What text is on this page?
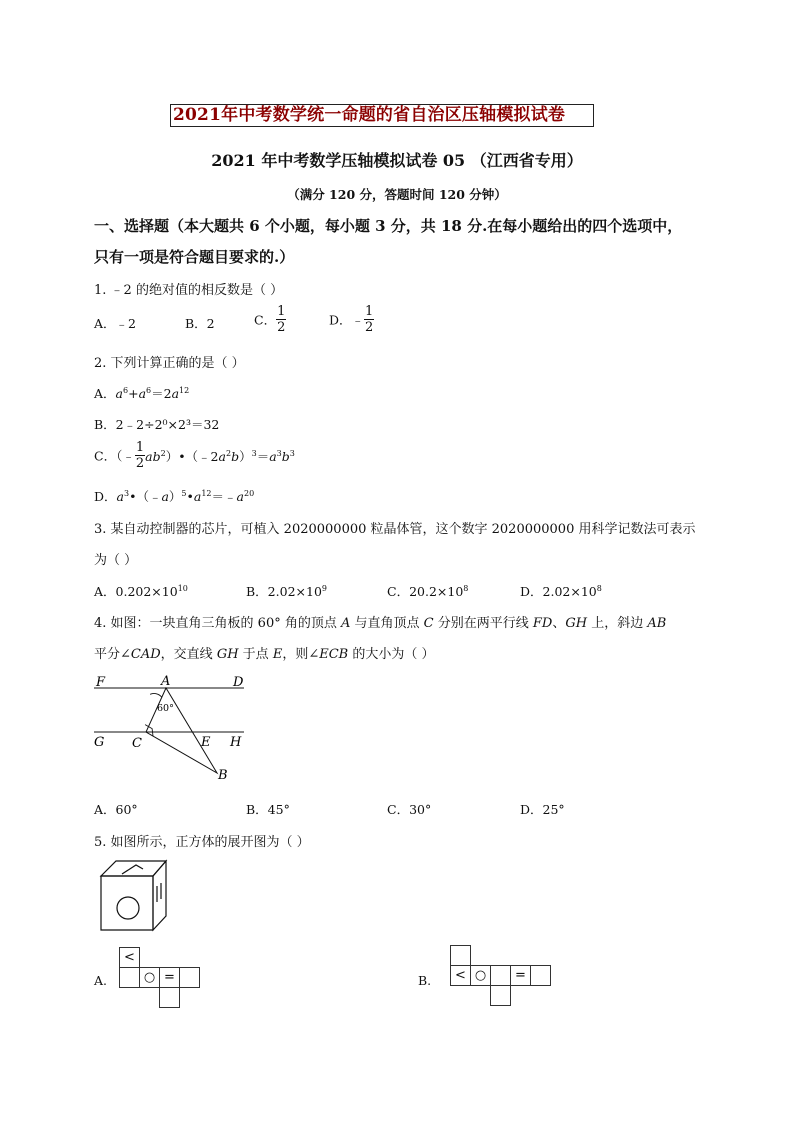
2021年中考数学统一命题的省自治区压轴模拟试卷
2021 年中考数学压轴模拟试卷 05 （江西省专用）
（满分 120 分，答题时间 120 分钟）
一、选择题（本大题共 6 个小题，每小题 3 分，共 18 分.在每小题给出的四个选项中，
只有一项是符合题目要求的.）
1. ﹣2 的绝对值的相反数是（ ）
A．﹣2	B．2	C． $\frac{1}{2}$	D．﹣ $\frac{1}{2}$
2. 下列计算正确的是（ ）
A．$a^6+a^6=2a^{12}$
B．2﹣2÷2⁰×2³＝32
C．（﹣ $\frac{1}{2}$ $ab^2)•(﹣2a^2b)^3=a^3b^3$
D．$a^3•(﹣a)^5•a^{12}=﹣a^{20}$
3. 某自动控制器的芯片，可植入 2020000000 粒晶体管，这个数字 2020000000 用科学记数法可表示
为（ ）
A．$0.202\times 10^{10}$	B．$2.02\times 10^9$	C．$20.2\times 10^8$	D．$2.02\times 10^8$
4. 如图：一块直角三角板的 60° 角的顶点 A 与直角顶点 C 分别在两平行线 FD、GH 上，斜边 AB
平分∠CAD，交直线 GH 于点 E，则∠ECB 的大小为（ ）
F	A	D
G C	E H
B
60°
A．60°	B．45°	C．30°	D．25°
5. 如图所示，正方体的展开图为（ ）
A.
<
○ =	B.	< ○	=
